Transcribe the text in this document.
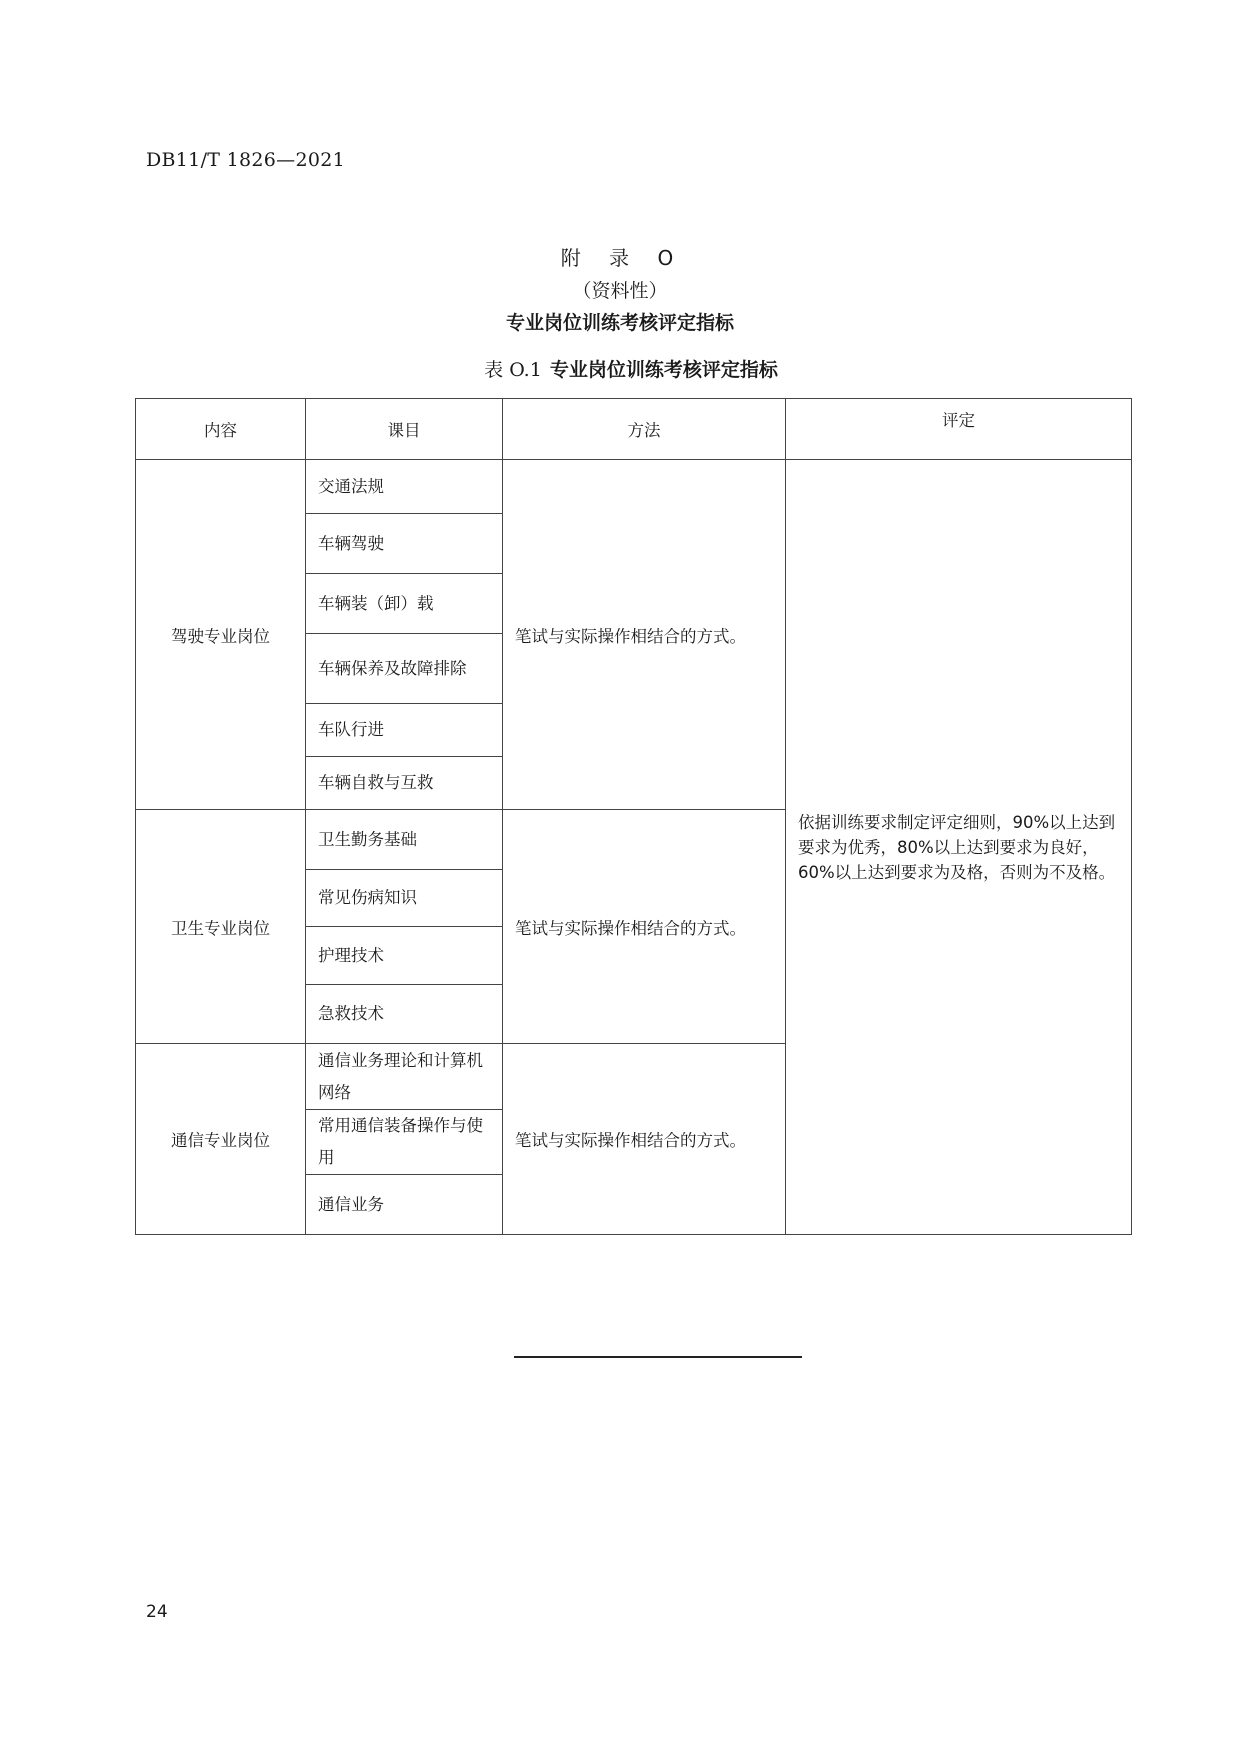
DB11/T 1826—2021
附 录 O
（资料性）
专业岗位训练考核评定指标
表 O.1 专业岗位训练考核评定指标
内容	课目	方法	评定
驾驶专业岗位	交通法规	笔试与实际操作相结合的方式。	依据训练要求制定评定细则，90%以上达到要求为优秀，80%以上达到要求为良好，60%以上达到要求为及格，否则为不及格。
	车辆驾驶		
	车辆装（卸）载		
	车辆保养及故障排除		
	车队行进		
	车辆自救与互救		
卫生专业岗位	卫生勤务基础	笔试与实际操作相结合的方式。	
	常见伤病知识		
	护理技术		
	急救技术		
通信专业岗位	通信业务理论和计算机网络	笔试与实际操作相结合的方式。	
	常用通信装备操作与使用		
	通信业务		
24
